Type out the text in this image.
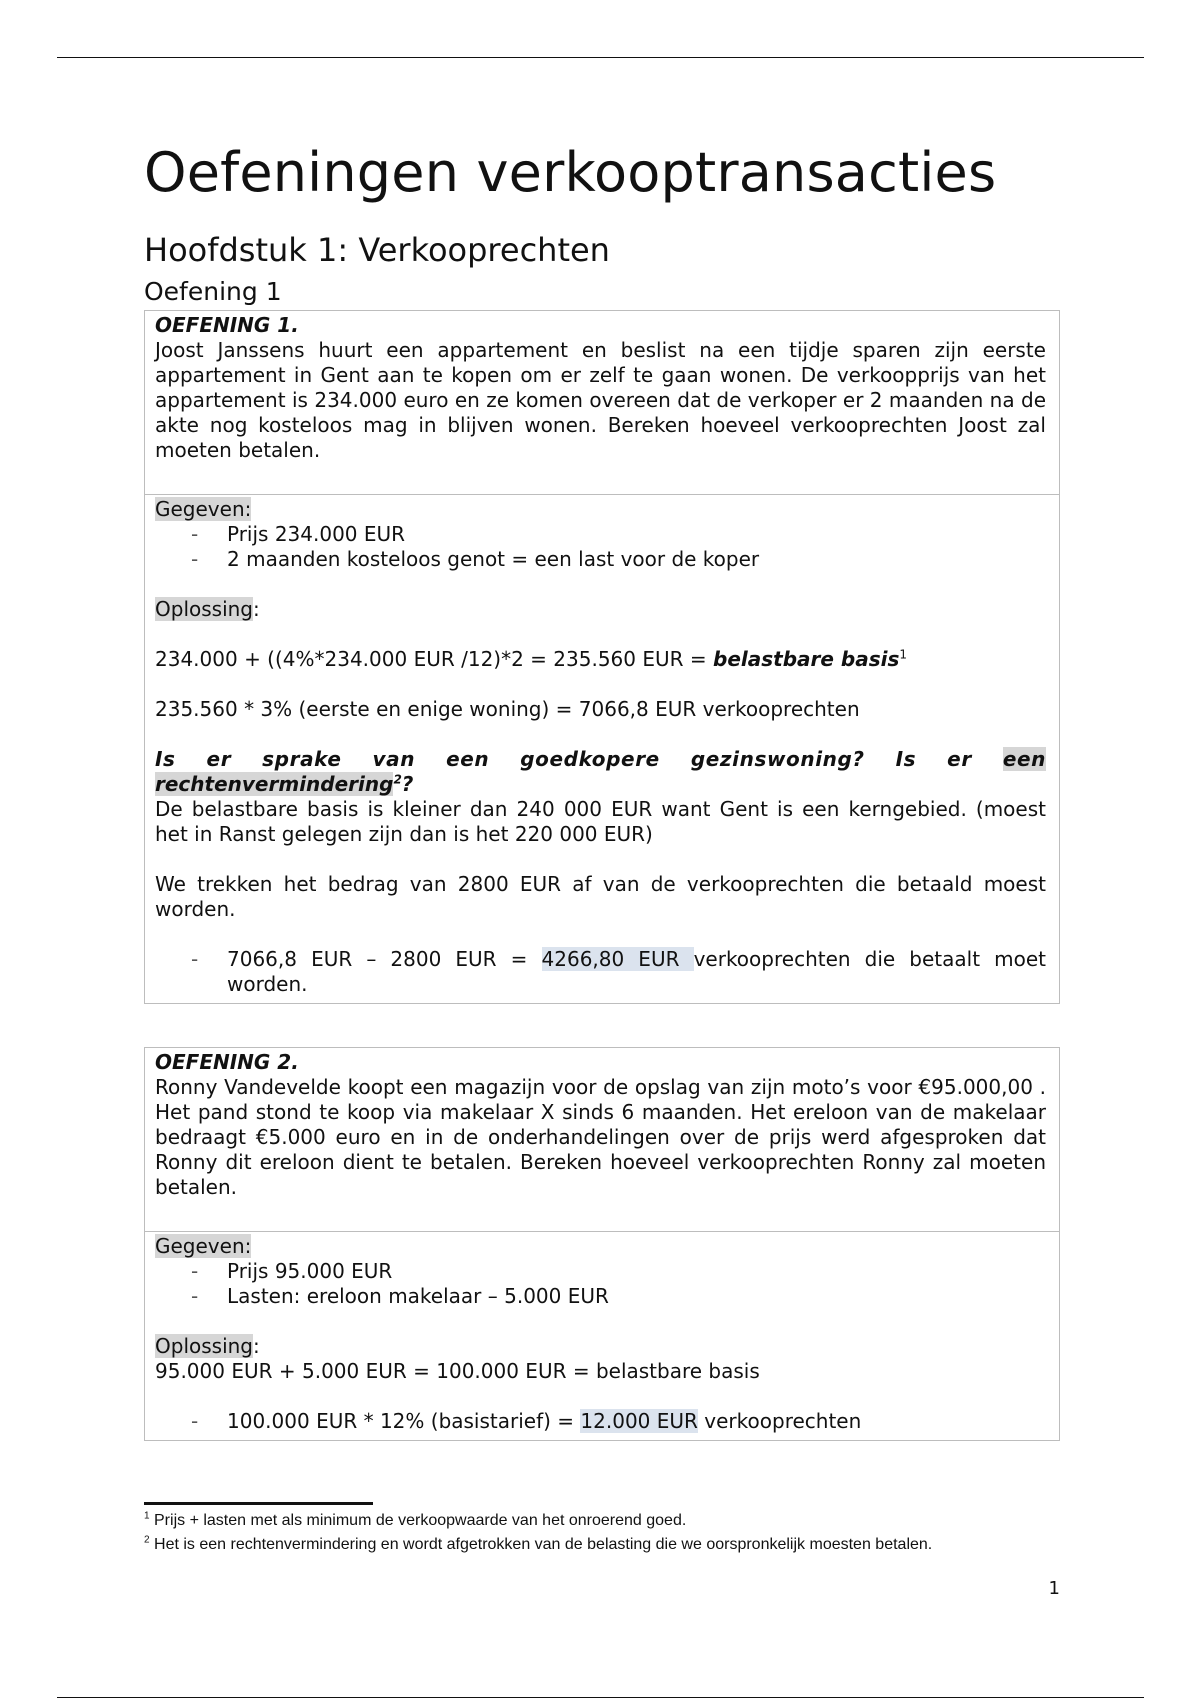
Oefeningen verkooptransacties
Hoofdstuk 1: Verkooprechten
Oefening 1
OEFENING 1.
Joost Janssens huurt een appartement en beslist na een tijdje sparen zijn eerste appartement in Gent aan te kopen om er zelf te gaan wonen. De verkoopprijs van het appartement is 234.000 euro en ze komen overeen dat de verkoper er 2 maanden na de akte nog kosteloos mag in blijven wonen. Bereken hoeveel verkooprechten Joost zal moeten betalen.
Gegeven:
- Prijs 234.000 EUR
- 2 maanden kosteloos genot = een last voor de koper
Oplossing:
234.000 + ((4%*234.000 EUR /12)*2 = 235.560 EUR = belastbare basis$^1$
235.560 * 3% (eerste en enige woning) = 7066,8 EUR verkooprechten
Is er sprake van een goedkopere gezinswoning? Is er een
rechtenvermindering$^2$?
De belastbare basis is kleiner dan 240 000 EUR want Gent is een kerngebied. (moest het in Ranst gelegen zijn dan is het 220 000 EUR)
We trekken het bedrag van 2800 EUR af van de verkooprechten die betaald moest worden.
- 7066,8 EUR – 2800 EUR = 4266,80 EUR verkooprechten die betaalt moet worden.
OEFENING 2.
Ronny Vandevelde koopt een magazijn voor de opslag van zijn moto’s voor €95.000,00 . Het pand stond te koop via makelaar X sinds 6 maanden. Het ereloon van de makelaar bedraagt €5.000 euro en in de onderhandelingen over de prijs werd afgesproken dat Ronny dit ereloon dient te betalen. Bereken hoeveel verkooprechten Ronny zal moeten betalen.
Gegeven:
- Prijs 95.000 EUR
- Lasten: ereloon makelaar – 5.000 EUR
Oplossing:
95.000 EUR + 5.000 EUR = 100.000 EUR = belastbare basis
- 100.000 EUR * 12% (basistarief) = 12.000 EUR verkooprechten
$^1$ Prijs + lasten met als minimum de verkoopwaarde van het onroerend goed.
$^2$ Het is een rechtenvermindering en wordt afgetrokken van de belasting die we oorspronkelijk moesten betalen.
1
